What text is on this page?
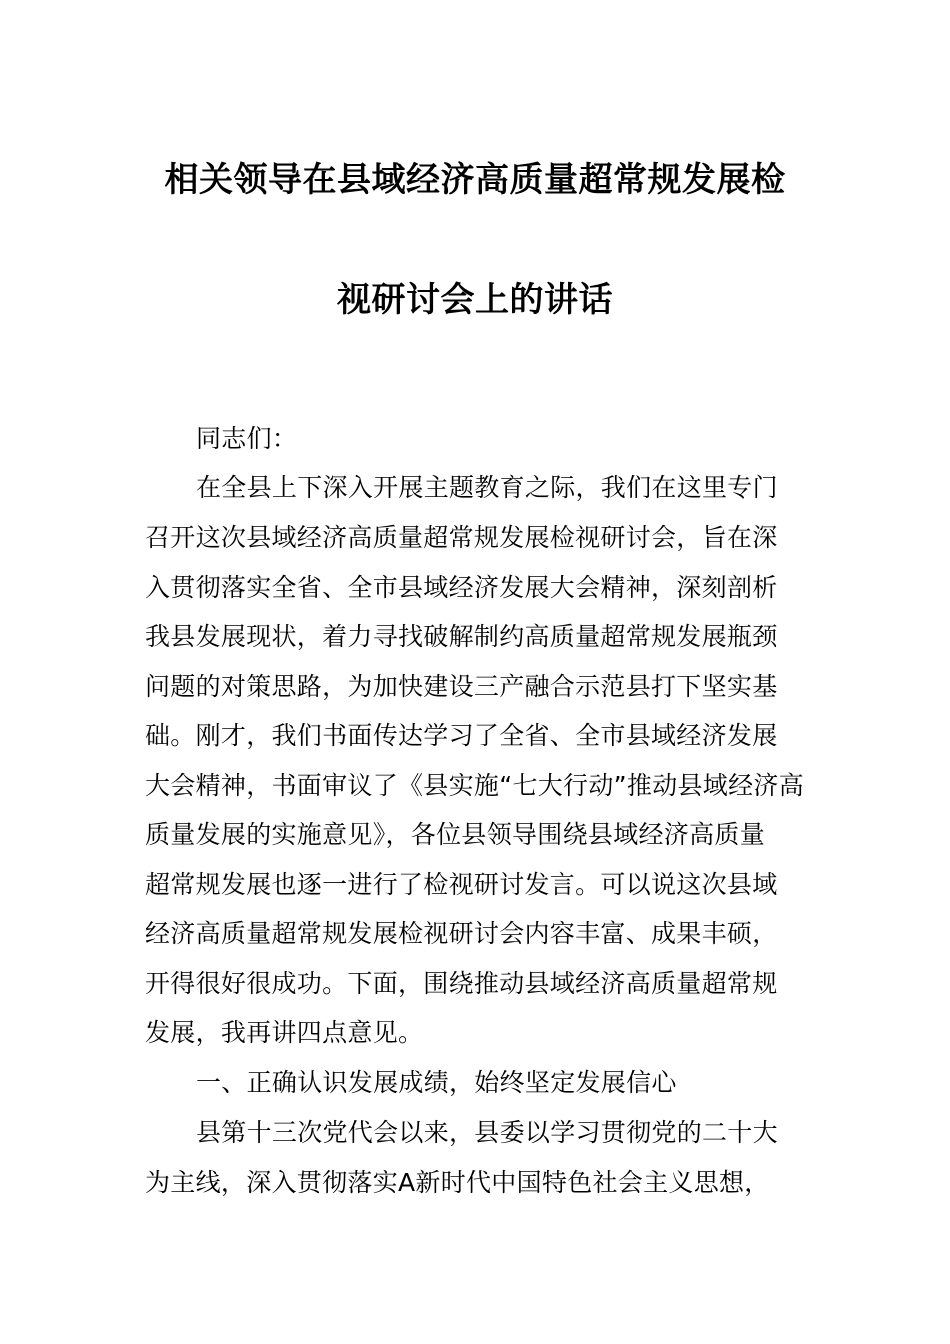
相关领导在县域经济高质量超常规发展检
视研讨会上的讲话
同志们：
在全县上下深入开展主题教育之际，我们在这里专门
召开这次县域经济高质量超常规发展检视研讨会，旨在深
入贯彻落实全省、全市县域经济发展大会精神，深刻剖析
我县发展现状，着力寻找破解制约高质量超常规发展瓶颈
问题的对策思路，为加快建设三产融合示范县打下坚实基
础。刚才，我们书面传达学习了全省、全市县域经济发展
大会精神，书面审议了《县实施“七大行动”推动县域经济高
质量发展的实施意见》，各位县领导围绕县域经济高质量
超常规发展也逐一进行了检视研讨发言。可以说这次县域
经济高质量超常规发展检视研讨会内容丰富、成果丰硕，
开得很好很成功。下面，围绕推动县域经济高质量超常规
发展，我再讲四点意见。
一、正确认识发展成绩，始终坚定发展信心
县第十三次党代会以来，县委以学习贯彻党的二十大
为主线，深入贯彻落实A新时代中国特色社会主义思想，
